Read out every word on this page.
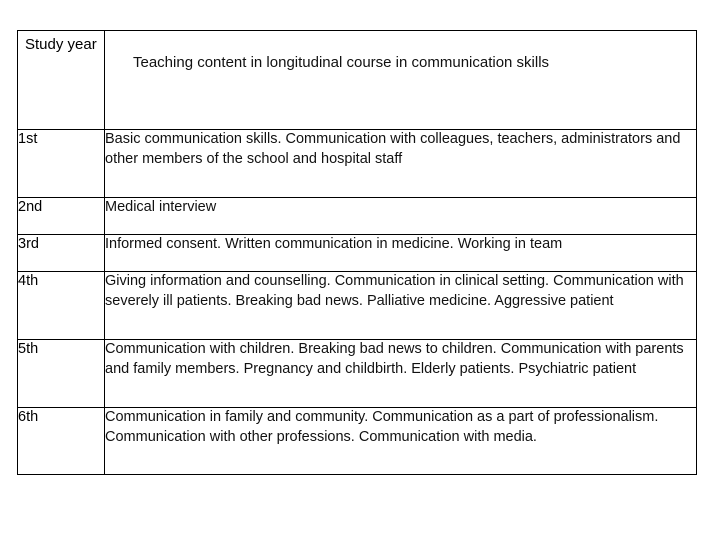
Study year	Teaching content in longitudinal course in communication skills
1st	Basic communication skills. Communication with colleagues, teachers, administrators and other members of the school and hospital staff
2nd	Medical interview
3rd	Informed consent. Written communication in medicine. Working in team
4th	Giving information and counselling. Communication in clinical setting. Communication with severely ill patients. Breaking bad news. Palliative medicine. Aggressive patient
5th	Communication with children. Breaking bad news to children. Communication with parents and family members. Pregnancy and childbirth. Elderly patients. Psychiatric patient
6th	Communication in family and community. Communication as a part of professionalism. Communication with other professions. Communication with media.
